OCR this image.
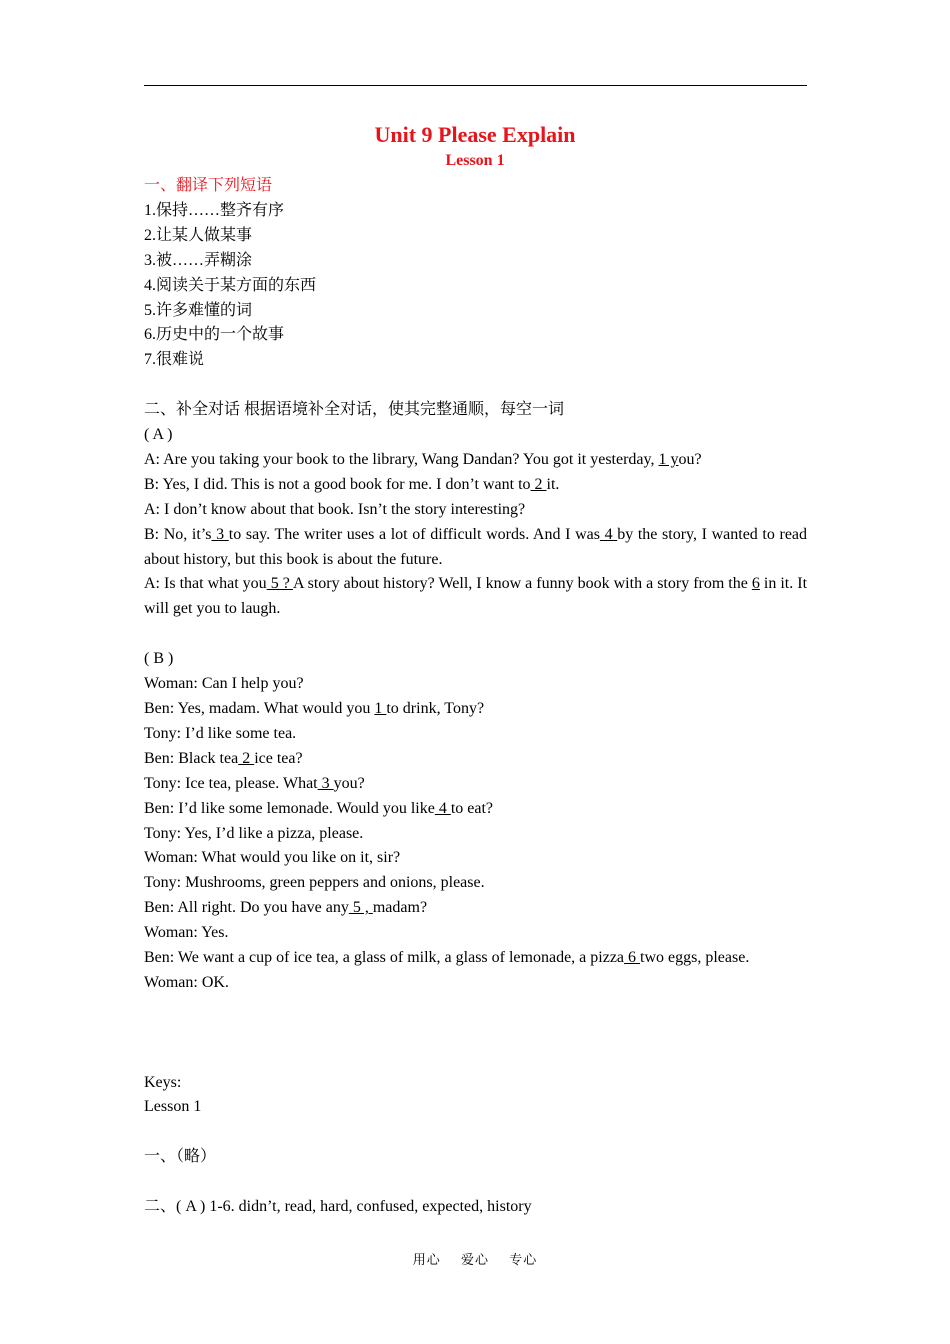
Unit 9 Please Explain
Lesson 1

一、翻译下列短语

1.保持……整齐有序

2.让某人做某事

3.被……弄糊涂

4.阅读关于某方面的东西

5.许多难懂的词

6.历史中的一个故事

7.很难说

二、补全对话 根据语境补全对话，使其完整通顺，每空一词

( A )

A: Are you taking your book to the library, Wang Dandan? You got it yesterday, 1 you?

B: Yes, I did. This is not a good book for me. I don’t want to 2 it.

A: I don’t know about that book. Isn’t the story interesting?

B: No, it’s 3 to say. The writer uses a lot of difficult words. And I was 4 by the story, I wanted to read about history, but this book is about the future.

A: Is that what you 5 ? A story about history? Well, I know a funny book with a story from the 6 in it. It will get you to laugh.

( B )

Woman: Can I help you?

Ben: Yes, madam. What would you 1 to drink, Tony?

Tony: I’d like some tea.

Ben: Black tea 2 ice tea?

Tony: Ice tea, please. What 3 you?

Ben: I’d like some lemonade. Would you like 4 to eat?

Tony: Yes, I’d like a pizza, please.

Woman: What would you like on it, sir?

Tony: Mushrooms, green peppers and onions, please.

Ben: All right. Do you have any 5 , madam?

Woman: Yes.

Ben: We want a cup of ice tea, a glass of milk, a glass of lemonade, a pizza 6 two eggs, please.

Woman: OK.

Keys:

Lesson 1

一、（略）

二、( A ) 1-6. didn’t, read, hard, confused, expected, history

用心 爱心 专心
